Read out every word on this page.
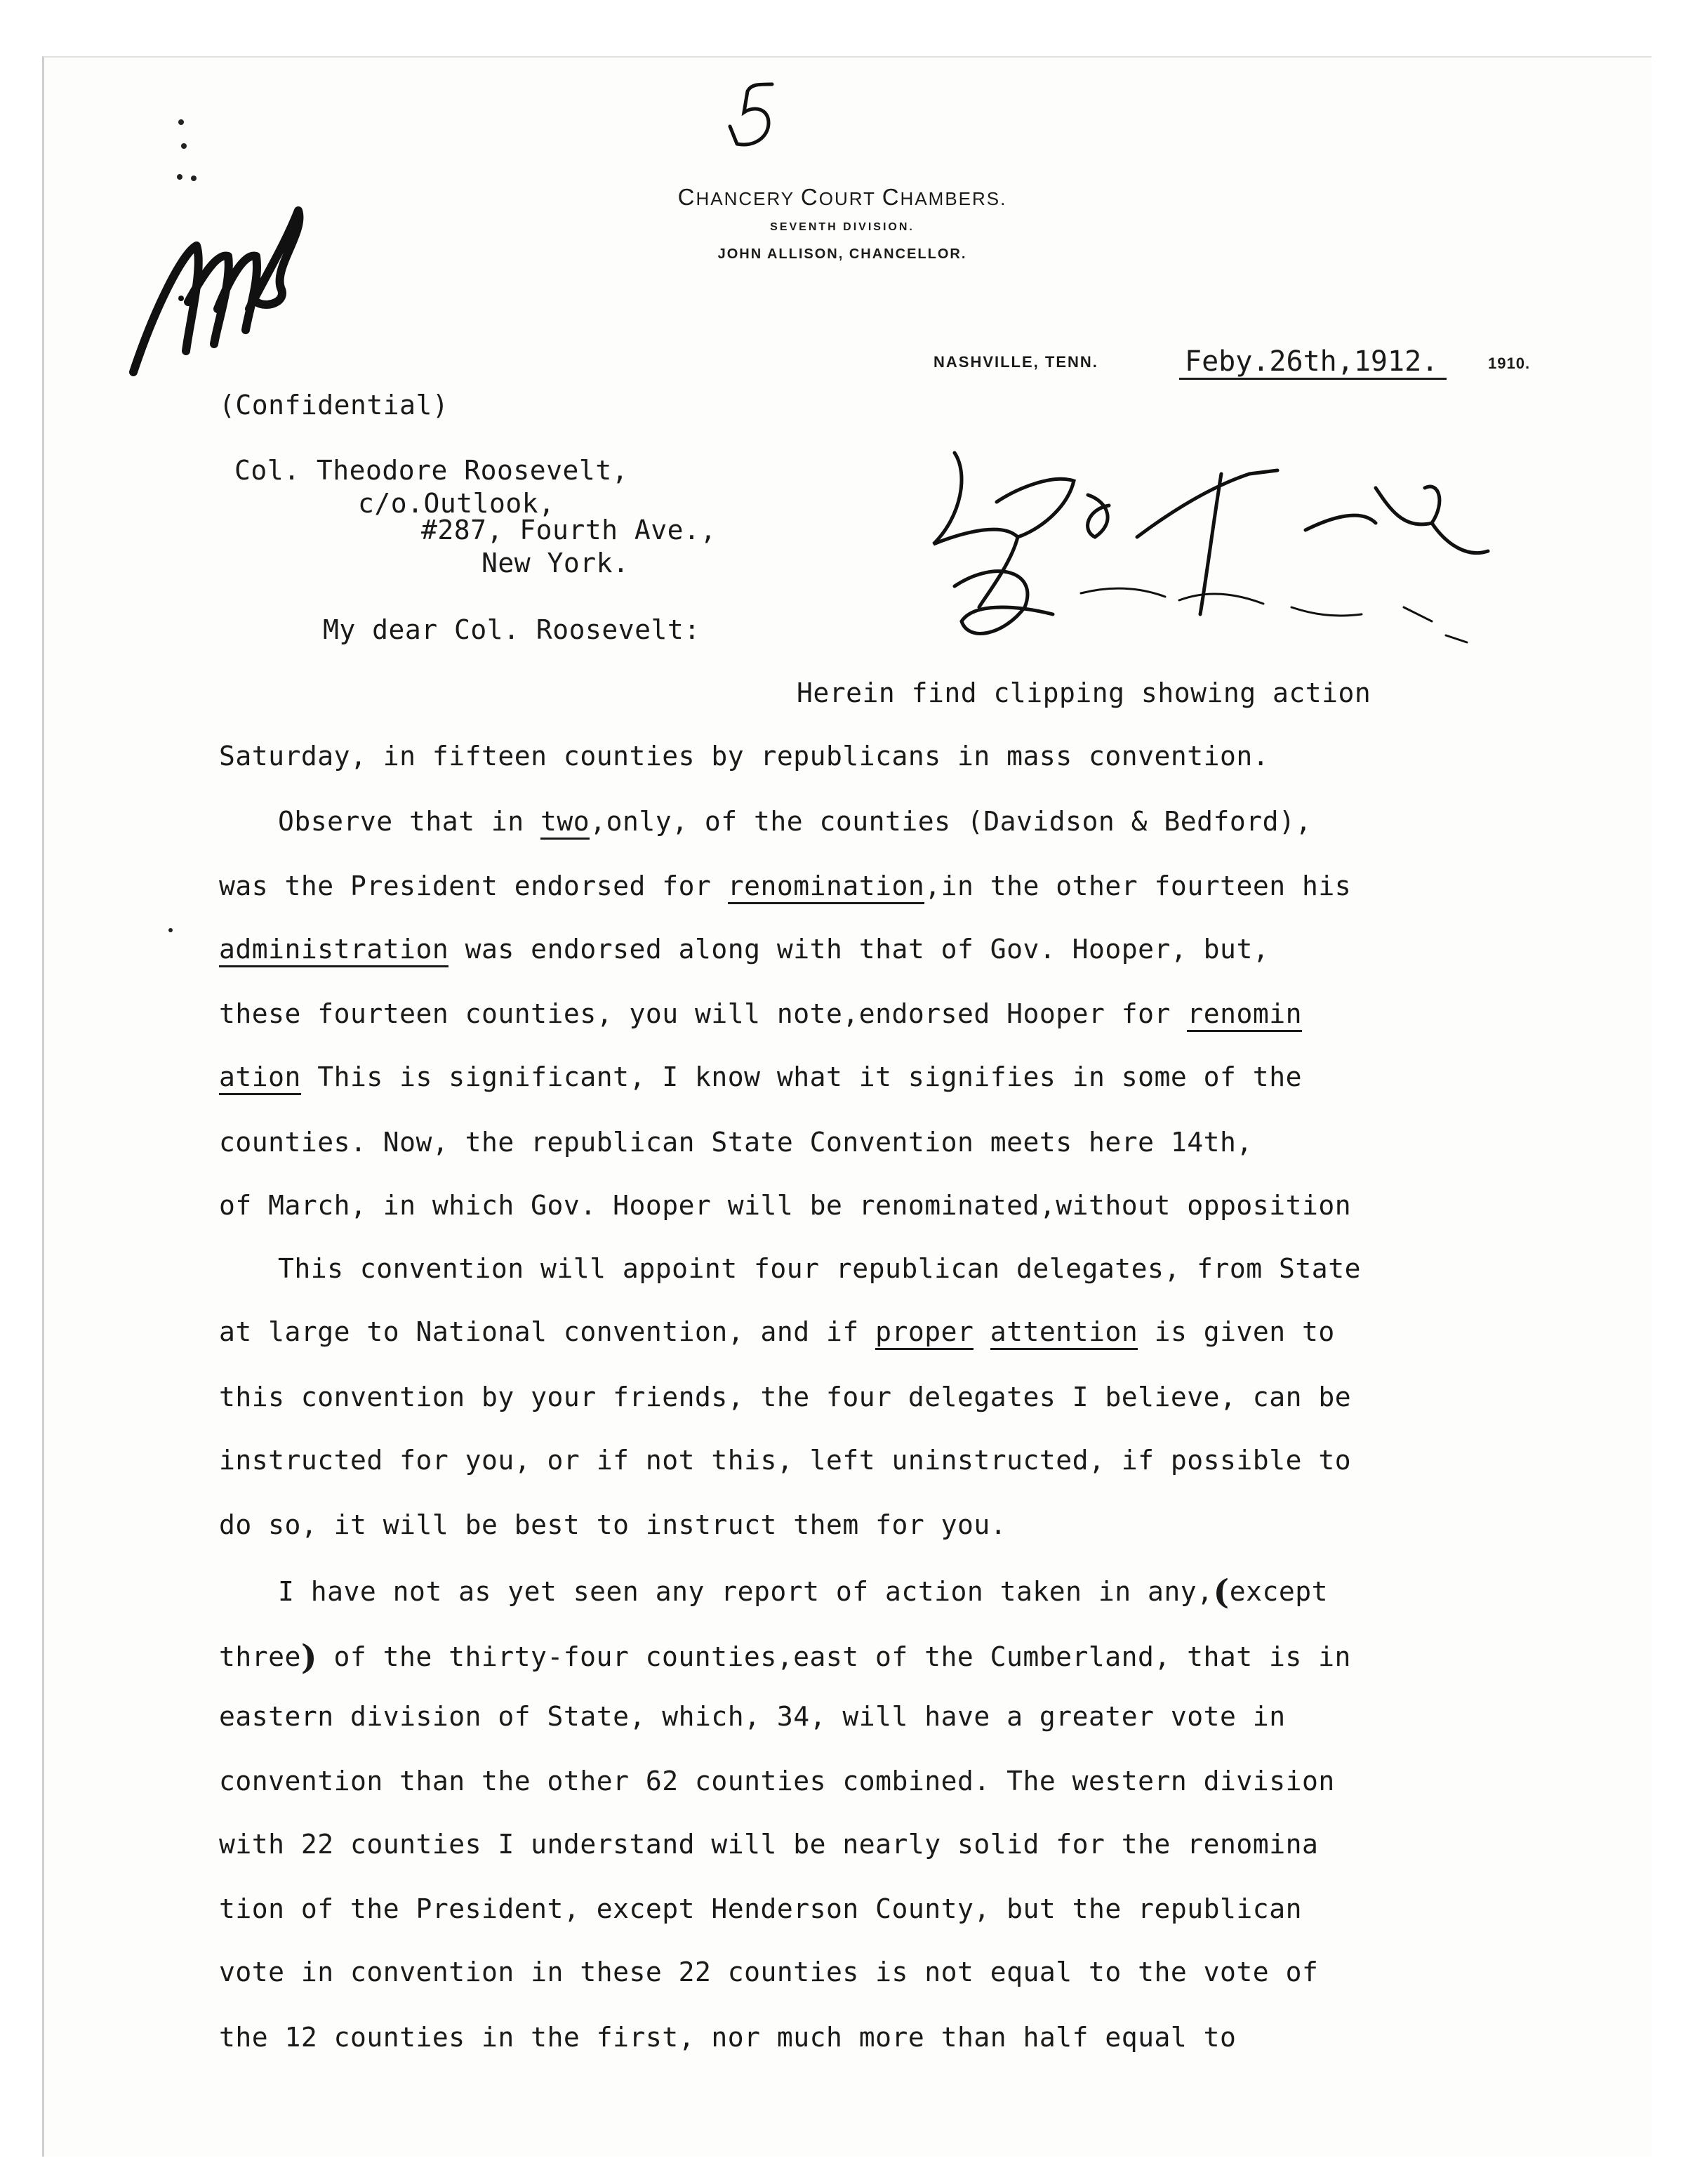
CHANCERY COURT CHAMBERS.
SEVENTH DIVISION.
JOHN ALLISON, CHANCELLOR.
NASHVILLE, TENN.	Feby.26th,1912.	1910.
(Confidential)
Col. Theodore Roosevelt,
c/o.Outlook,
#287, Fourth Ave.,
New York.
My dear Col. Roosevelt:
Herein find clipping showing action
Saturday, in fifteen counties by republicans in mass convention.
Observe that in two,only, of the counties (Davidson & Bedford),
was the President endorsed for renomination,in the other fourteen his
administration was endorsed along with that of Gov. Hooper, but,
these fourteen counties, you will note,endorsed Hooper for renomin
ation This is significant, I know what it signifies in some of the
counties. Now, the republican State Convention meets here 14th,
of March, in which Gov. Hooper will be renominated,without opposition
This convention will appoint four republican delegates, from State
at large to National convention, and if proper attention is given to
this convention by your friends, the four delegates I believe, can be
instructed for you, or if not this, left uninstructed, if possible to
do so, it will be best to instruct them for you.
I have not as yet seen any report of action taken in any,(except
three) of the thirty-four counties,east of the Cumberland, that is in
eastern division of State, which, 34, will have a greater vote in
convention than the other 62 counties combined. The western division
with 22 counties I understand will be nearly solid for the renomina
tion of the President, except Henderson County, but the republican
vote in convention in these 22 counties is not equal to the vote of
the 12 counties in the first, nor much more than half equal to
